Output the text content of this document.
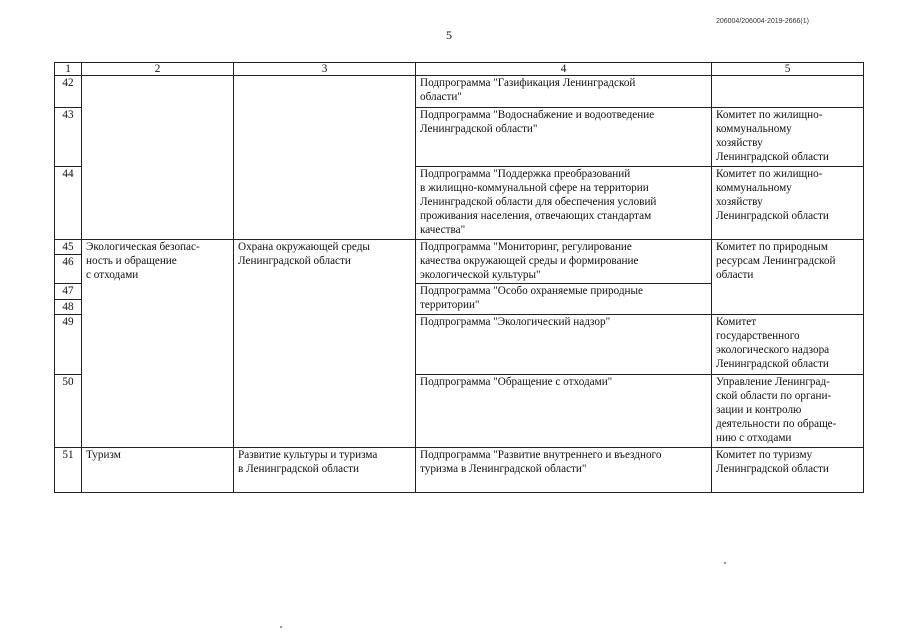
206004/206004-2019-2666(1)
5
1	2	3	4	5
42			Подпрограмма "Газификация Ленинградской
области"	

43			Подпрограмма "Водоснабжение и водоотведение
Ленинградской области"	Комитет по жилищно-
коммунальному
хозяйству
Ленинградской области

44			Подпрограмма "Поддержка преобразований
в жилищно-коммунальной сфере на территории
Ленинградской области для обеспечения условий
проживания населения, отвечающих стандартам
качества"	Комитет по жилищно-
коммунальному
хозяйству
Ленинградской области

45	Экологическая безопас-
ность и обращение
с отходами	Охрана окружающей среды
Ленинградской области	Подпрограмма "Мониторинг, регулирование
качества окружающей среды и формирование
экологической культуры"	Комитет по природным
ресурсам Ленинградской
области

46				
47			Подпрограмма "Особо охраняемые природные
территории"	

48				
49			Подпрограмма "Экологический надзор"	Комитет
государственного
экологического надзора
Ленинградской области

50			Подпрограмма "Обращение с отходами"	Управление Ленинград-
ской области по органи-
зации и контролю
деятельности по обраще-
нию с отходами

51	Туризм	Развитие культуры и туризма
в Ленинградской области	Подпрограмма "Развитие внутреннего и въездного
туризма в Ленинградской области"	Комитет по туризму
Ленинградской области
